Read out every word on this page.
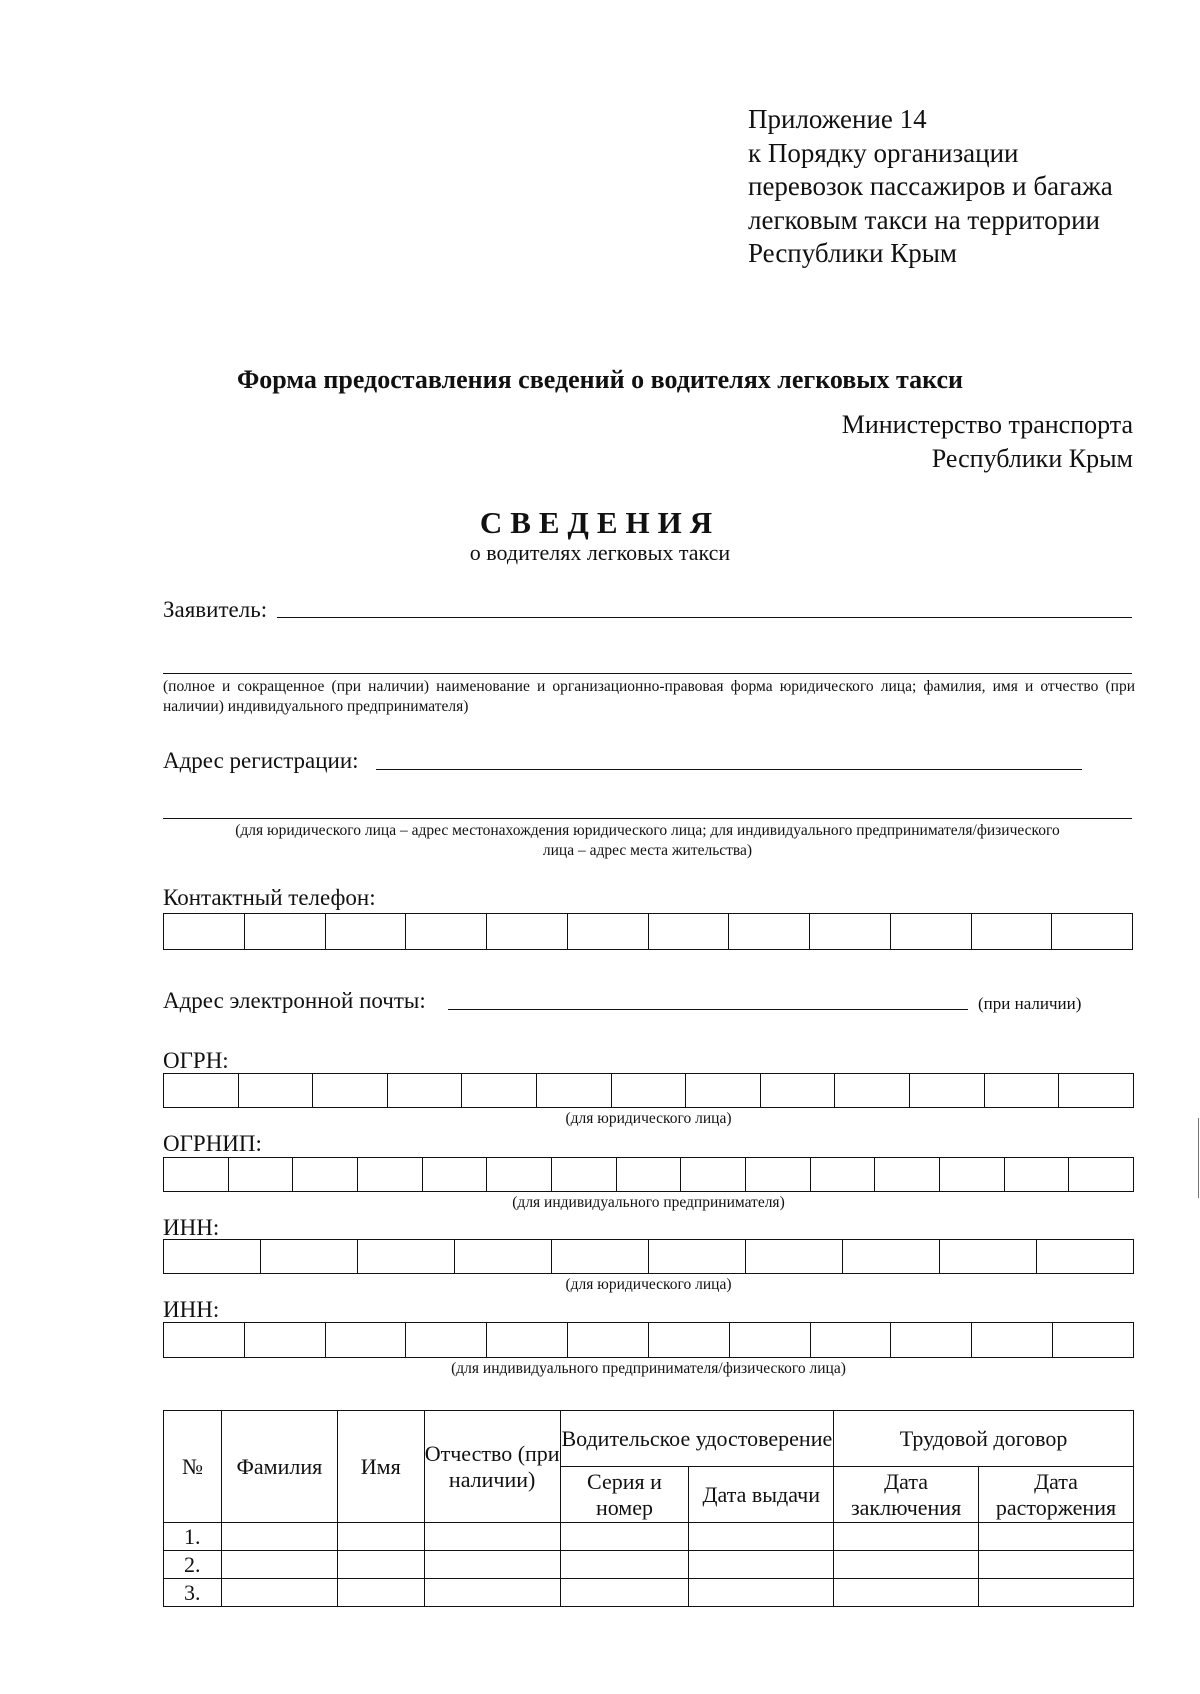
Приложение 14
к Порядку организации
перевозок пассажиров и багажа
легковым такси на территории
Республики Крым
Форма предоставления сведений о водителях легковых такси
Министерство транспорта
Республики Крым
СВЕДЕНИЯ
о водителях легковых такси
Заявитель:
(полное и сокращенное (при наличии) наименование и организационно-правовая форма юридического лица; фамилия, имя и отчество (при наличии) индивидуального предпринимателя)
Адрес регистрации:
(для юридического лица – адрес местонахождения юридического лица; для индивидуального предпринимателя/физического
лица – адрес места жительства)
Контактный телефон:
Адрес электронной почты:	(при наличии)
ОГРН:
(для юридического лица)
ОГРНИП:
(для индивидуального предпринимателя)
ИНН:
(для юридического лица)
ИНН:
(для индивидуального предпринимателя/физического лица)
№	Фамилия	Имя	Отчество (при наличии)	Водительское удостоверение		Трудовой договор	
				Серия и номер	Дата выдачи	Дата заключения	Дата расторжения
1.							
2.							
3.							
